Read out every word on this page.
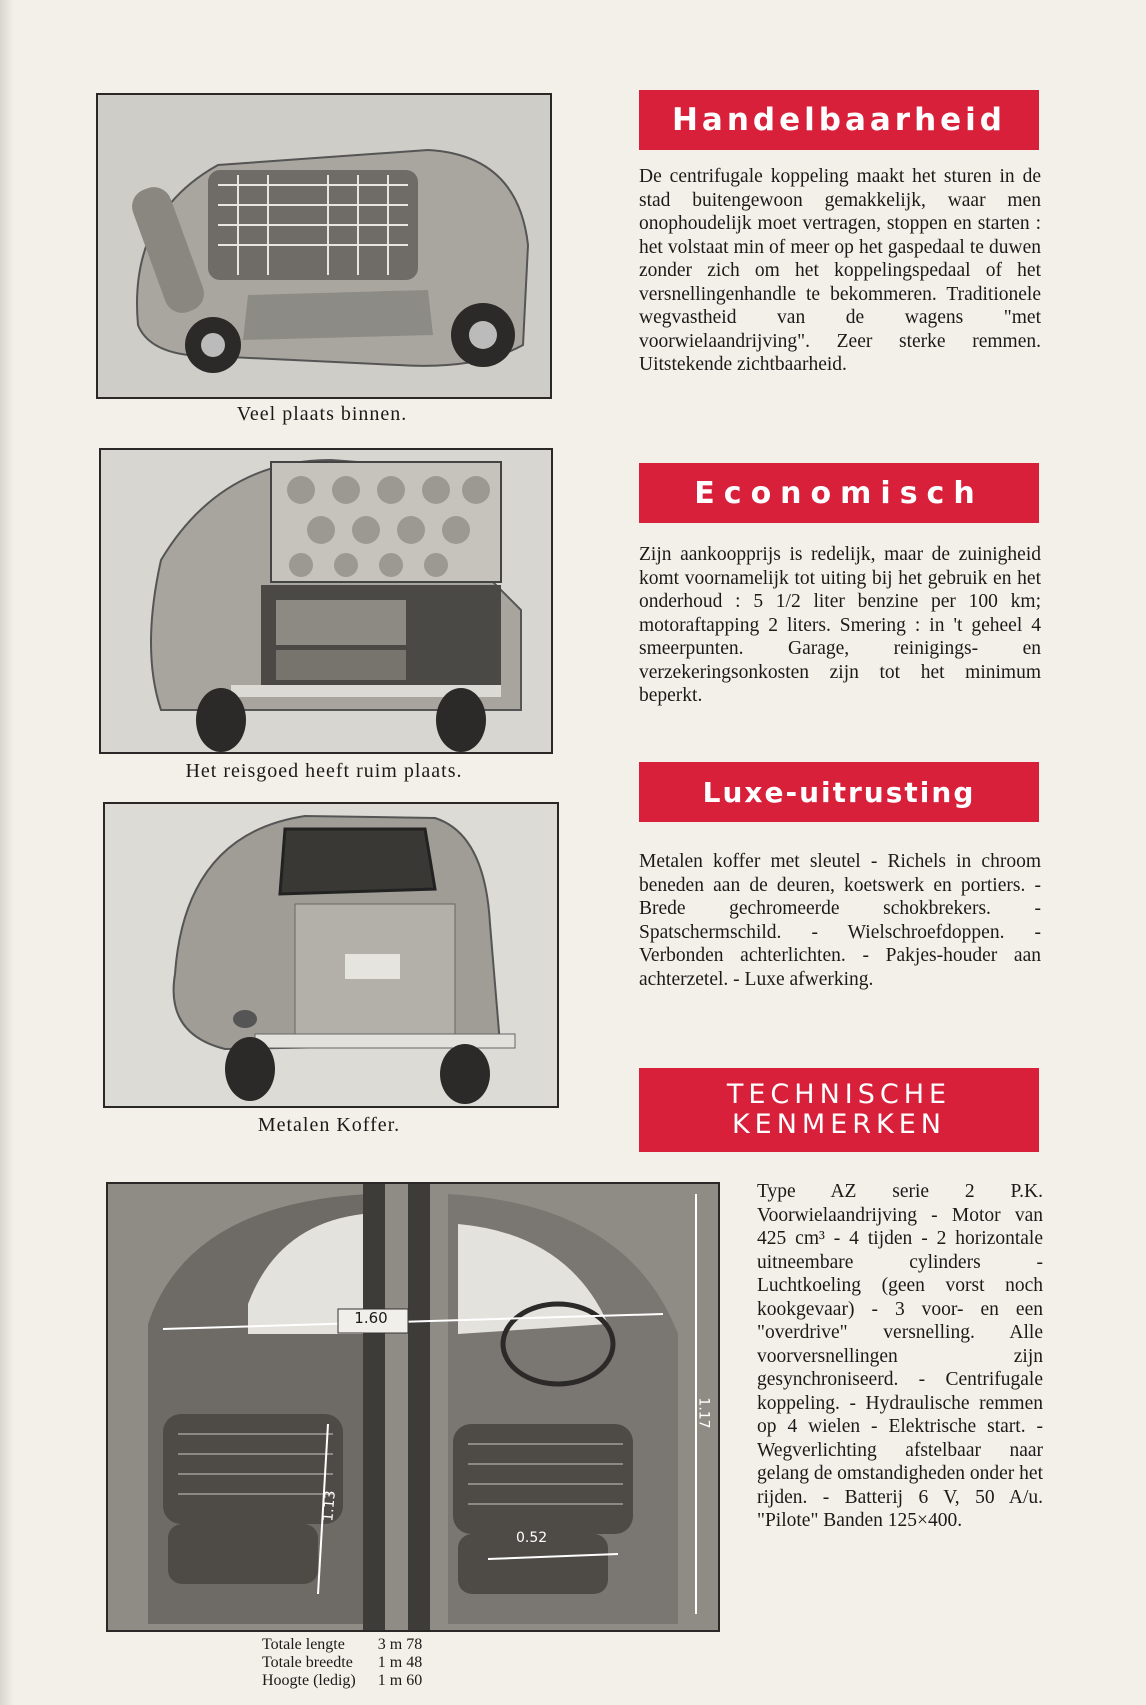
Veel plaats binnen.
Het reisgoed heeft ruim plaats.
Metalen Koffer.
1.60
1.17
1.13
0.52
Handelbaarheid

De centrifugale koppeling maakt het sturen in de stad buitengewoon gemakkelijk, waar men onophoudelijk moet vertragen, stoppen en starten : het volstaat min of meer op het gaspedaal te duwen zonder zich om het koppelingspedaal of het versnellingenhandle te bekommeren. Traditionele wegvastheid van de wagens "met voorwielaandrijving". Zeer sterke remmen. Uitstekende zichtbaarheid.

Economisch

Zijn aankoopprijs is redelijk, maar de zuinigheid komt voornamelijk tot uiting bij het gebruik en het onderhoud : 5 1/2 liter benzine per 100 km; motoraftapping 2 liters. Smering : in 't geheel 4 smeerpunten. Garage, reinigings- en verzekeringsonkosten zijn tot het minimum beperkt.

Luxe-uitrusting

Metalen koffer met sleutel - Richels in chroom beneden aan de deuren, koetswerk en portiers. - Brede gechromeerde schokbrekers. - Spatschermschild. - Wielschroefdoppen. -Verbonden achterlichten. - Pakjes-houder aan achterzetel. - Luxe afwerking.

TECHNISCHE
KENMERKEN

Type AZ serie 2 P.K. Voorwielaandrijving - Motor van 425 cm³ - 4 tijden - 2 horizontale uitneembare cylinders - Luchtkoeling (geen vorst noch kookgevaar) - 3 voor- en een "overdrive" versnelling. Alle voorversnellingen zijn gesynchroniseerd. - Centrifugale koppeling. - Hydraulische remmen op 4 wielen - Elektrische start. - Wegverlichting afstelbaar naar gelang de omstandigheden onder het rijden. - Batterij 6 V, 50 A/u. "Pilote" Banden 125×400.

Totale lengte	3 m 78
Totale breedte	1 m 48
Hoogte (ledig)	1 m 60
